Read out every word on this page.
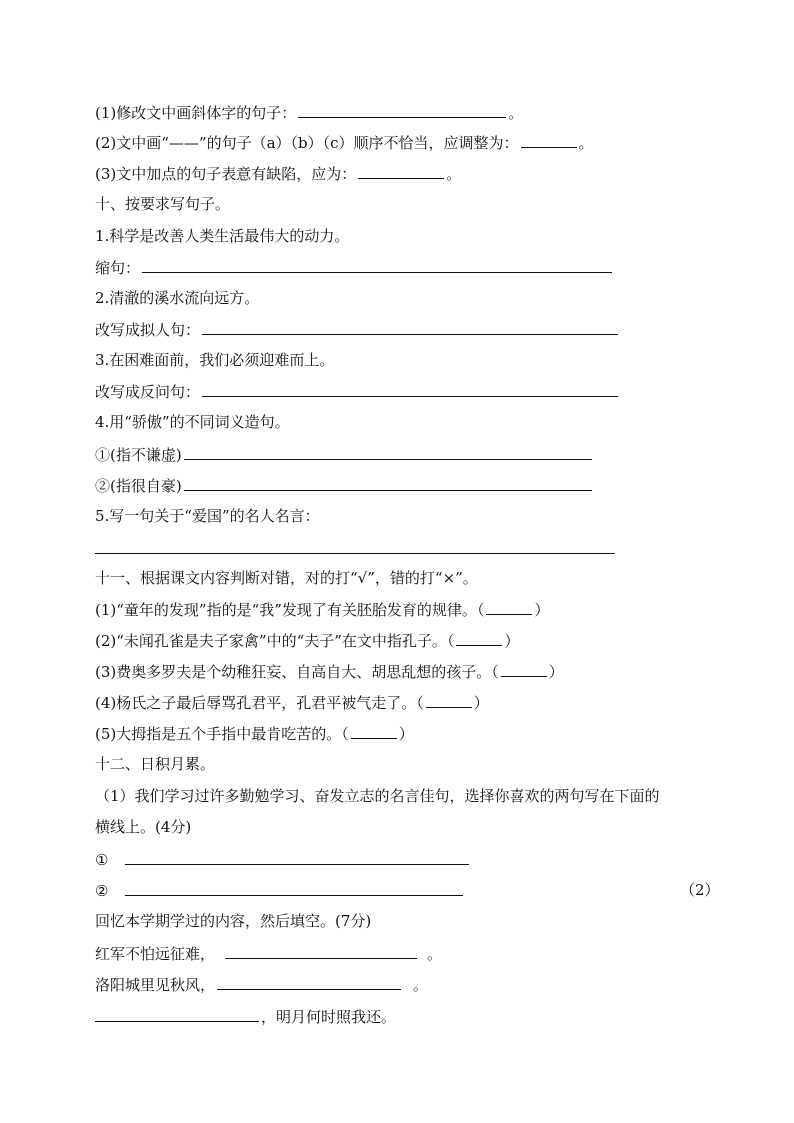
(1)修改文中画斜体字的句子：	。
(2)文中画“——”的句子（a）（b）（c）顺序不恰当，应调整为：	。
(3)文中加点的句子表意有缺陷，应为：	。
十、按要求写句子。
1.科学是改善人类生活最伟大的动力。
缩句：
2.清澈的溪水流向远方。
改写成拟人句：
3.在困难面前，我们必须迎难而上。
改写成反问句：
4.用“骄傲”的不同词义造句。
①(指不谦虚)
②(指很自豪)
5.写一句关于“爱国”的名人名言：
十一、根据课文内容判断对错，对的打“√”，错的打“×”。
(1)“童年的发现”指的是“我”发现了有关胚胎发育的规律。（	）
(2)“未闻孔雀是夫子家禽”中的“夫子”在文中指孔子。（	）
(3)费奥多罗夫是个幼稚狂妄、自高自大、胡思乱想的孩子。（	）
(4)杨氏之子最后辱骂孔君平，孔君平被气走了。（	）
(5)大拇指是五个手指中最肯吃苦的。（	）
十二、日积月累。
（1）我们学习过许多勤勉学习、奋发立志的名言佳句，选择你喜欢的两句写在下面的
横线上。(4分)
①
②	（2）
回忆本学期学过的内容，然后填空。(7分)
红军不怕远征难，	。
洛阳城里见秋风，	。
，明月何时照我还。
